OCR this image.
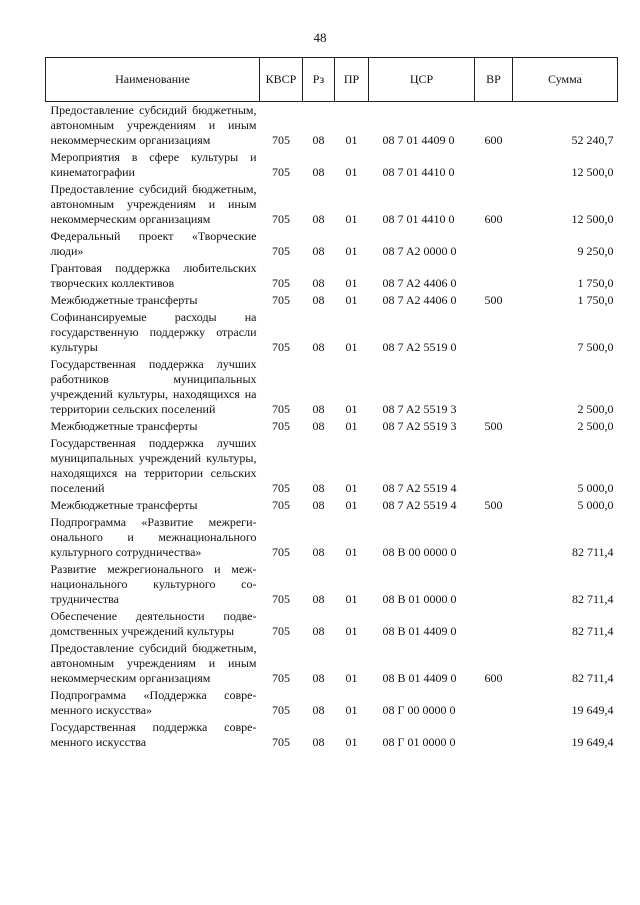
48
Наименование	КВСР	Рз	ПР	ЦСР	ВР	Сумма
Предоставление субсидий бюджетным, автономным учреждениям и иным некоммерческим организациям	705	08	01	08 7 01 4409 0	600	52 240,7
Мероприятия в сфере культуры и кинематографии	705	08	01	08 7 01 4410 0		12 500,0
Предоставление субсидий бюджетным, автономным учреждениям и иным некоммерческим организациям	705	08	01	08 7 01 4410 0	600	12 500,0
Федеральный проект «Творческие люди»	705	08	01	08 7 A2 0000 0		9 250,0
Грантовая поддержка любительских творческих коллективов	705	08	01	08 7 A2 4406 0		1 750,0
Межбюджетные трансферты	705	08	01	08 7 A2 4406 0	500	1 750,0
Софинансируемые расходы на государственную поддержку отрасли культуры	705	08	01	08 7 A2 5519 0		7 500,0
Государственная поддержка лучших работников муниципальных учреждений культуры, находящихся на территории сельских поселений	705	08	01	08 7 A2 5519 3		2 500,0
Межбюджетные трансферты	705	08	01	08 7 A2 5519 3	500	2 500,0
Государственная поддержка лучших муниципальных учреждений культуры, находящихся на территории сельских поселений	705	08	01	08 7 A2 5519 4		5 000,0
Межбюджетные трансферты	705	08	01	08 7 A2 5519 4	500	5 000,0
Подпрограмма «Развитие межрегионального и межнационального культурного сотрудничества»	705	08	01	08 B 00 0000 0		82 711,4
Развитие межрегионального и межнационального культурного сотрудничества	705	08	01	08 B 01 0000 0		82 711,4
Обеспечение деятельности подведомственных учреждений культуры	705	08	01	08 B 01 4409 0		82 711,4
Предоставление субсидий бюджетным, автономным учреждениям и иным некоммерческим организациям	705	08	01	08 B 01 4409 0	600	82 711,4
Подпрограмма «Поддержка современного искусства»	705	08	01	08 Г 00 0000 0		19 649,4
Государственная поддержка современного искусства	705	08	01	08 Г 01 0000 0		19 649,4
